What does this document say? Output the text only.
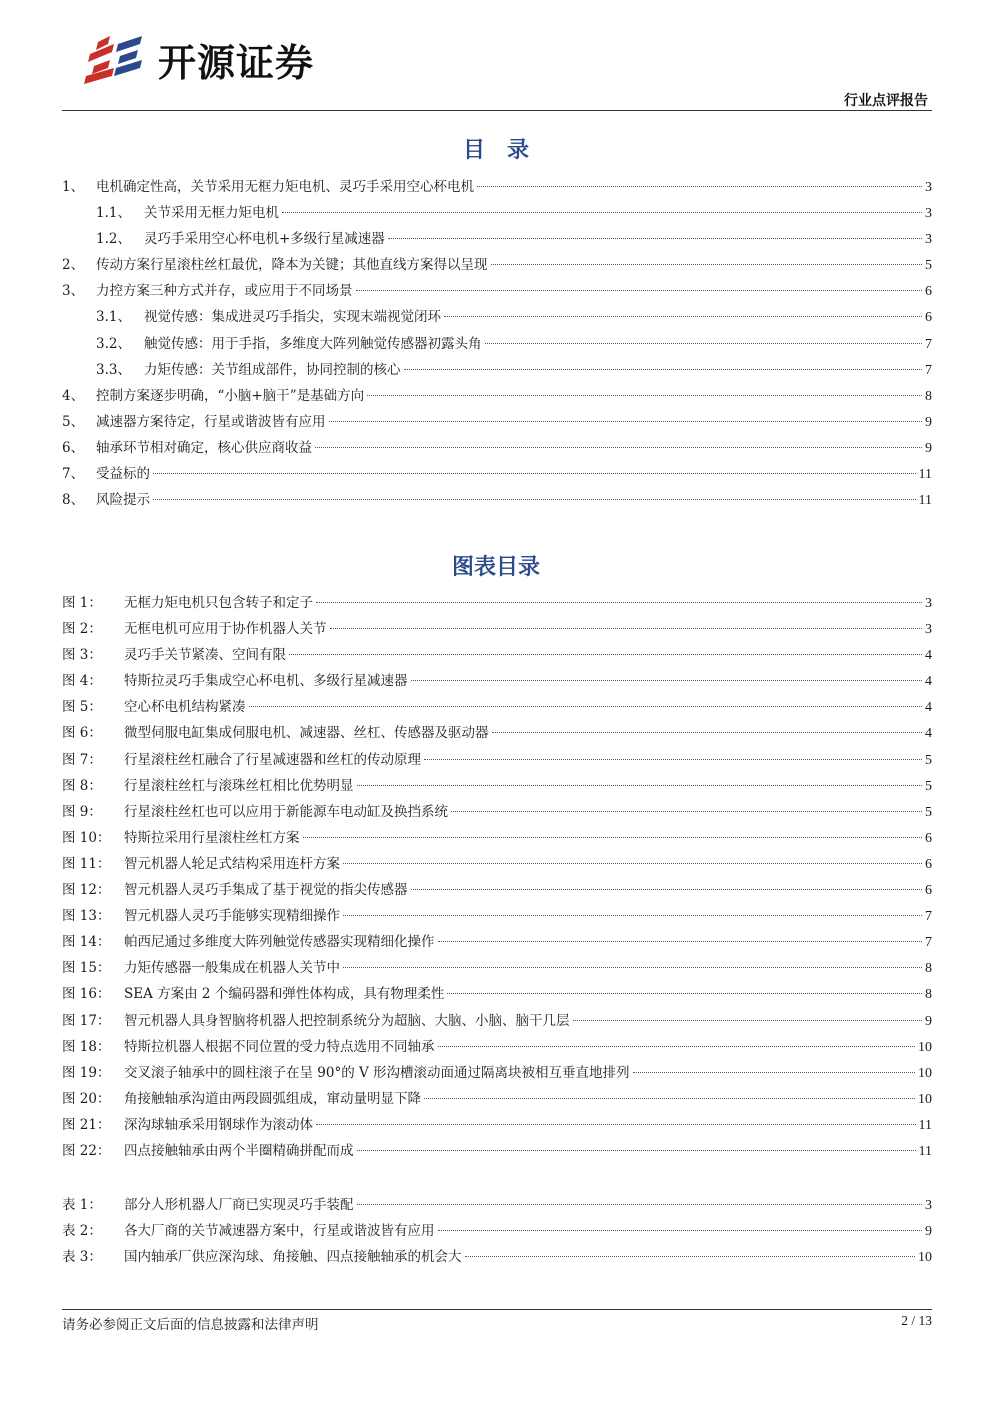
开源证券
行业点评报告
目　录
1、 电机确定性高，关节采用无框力矩电机、灵巧手采用空心杯电机	3
1.1、 关节采用无框力矩电机	3
1.2、 灵巧手采用空心杯电机+多级行星减速器	3
2、 传动方案行星滚柱丝杠最优，降本为关键；其他直线方案得以呈现	5
3、 力控方案三种方式并存，或应用于不同场景	6
3.1、 视觉传感：集成进灵巧手指尖，实现末端视觉闭环	6
3.2、 触觉传感：用于手指，多维度大阵列触觉传感器初露头角	7
3.3、 力矩传感：关节组成部件，协同控制的核心	7
4、 控制方案逐步明确，“小脑+脑干”是基础方向	8
5、 减速器方案待定，行星或谐波皆有应用	9
6、 轴承环节相对确定，核心供应商收益	9
7、 受益标的	11
8、 风险提示	11
图表目录
图 1：	无框力矩电机只包含转子和定子	3
图 2：	无框电机可应用于协作机器人关节	3
图 3：	灵巧手关节紧凑、空间有限	4
图 4：	特斯拉灵巧手集成空心杯电机、多级行星减速器	4
图 5：	空心杯电机结构紧凑	4
图 6：	微型伺服电缸集成伺服电机、减速器、丝杠、传感器及驱动器	4
图 7：	行星滚柱丝杠融合了行星减速器和丝杠的传动原理	5
图 8：	行星滚柱丝杠与滚珠丝杠相比优势明显	5
图 9：	行星滚柱丝杠也可以应用于新能源车电动缸及换挡系统	5
图 10：	特斯拉采用行星滚柱丝杠方案	6
图 11：	智元机器人轮足式结构采用连杆方案	6
图 12：	智元机器人灵巧手集成了基于视觉的指尖传感器	6
图 13：	智元机器人灵巧手能够实现精细操作	7
图 14：	帕西尼通过多维度大阵列触觉传感器实现精细化操作	7
图 15：	力矩传感器一般集成在机器人关节中	8
图 16：	SEA 方案由 2 个编码器和弹性体构成，具有物理柔性	8
图 17：	智元机器人具身智脑将机器人把控制系统分为超脑、大脑、小脑、脑干几层	9
图 18：	特斯拉机器人根据不同位置的受力特点选用不同轴承	10
图 19：	交叉滚子轴承中的圆柱滚子在呈 90°的 V 形沟槽滚动面通过隔离块被相互垂直地排列	10
图 20：	角接触轴承沟道由两段圆弧组成，窜动量明显下降	10
图 21：	深沟球轴承采用钢球作为滚动体	11
图 22：	四点接触轴承由两个半圈精确拼配而成	11
表 1：	部分人形机器人厂商已实现灵巧手装配	3
表 2：	各大厂商的关节减速器方案中，行星或谐波皆有应用	9
表 3：	国内轴承厂供应深沟球、角接触、四点接触轴承的机会大	10
请务必参阅正文后面的信息披露和法律声明	2 / 13
